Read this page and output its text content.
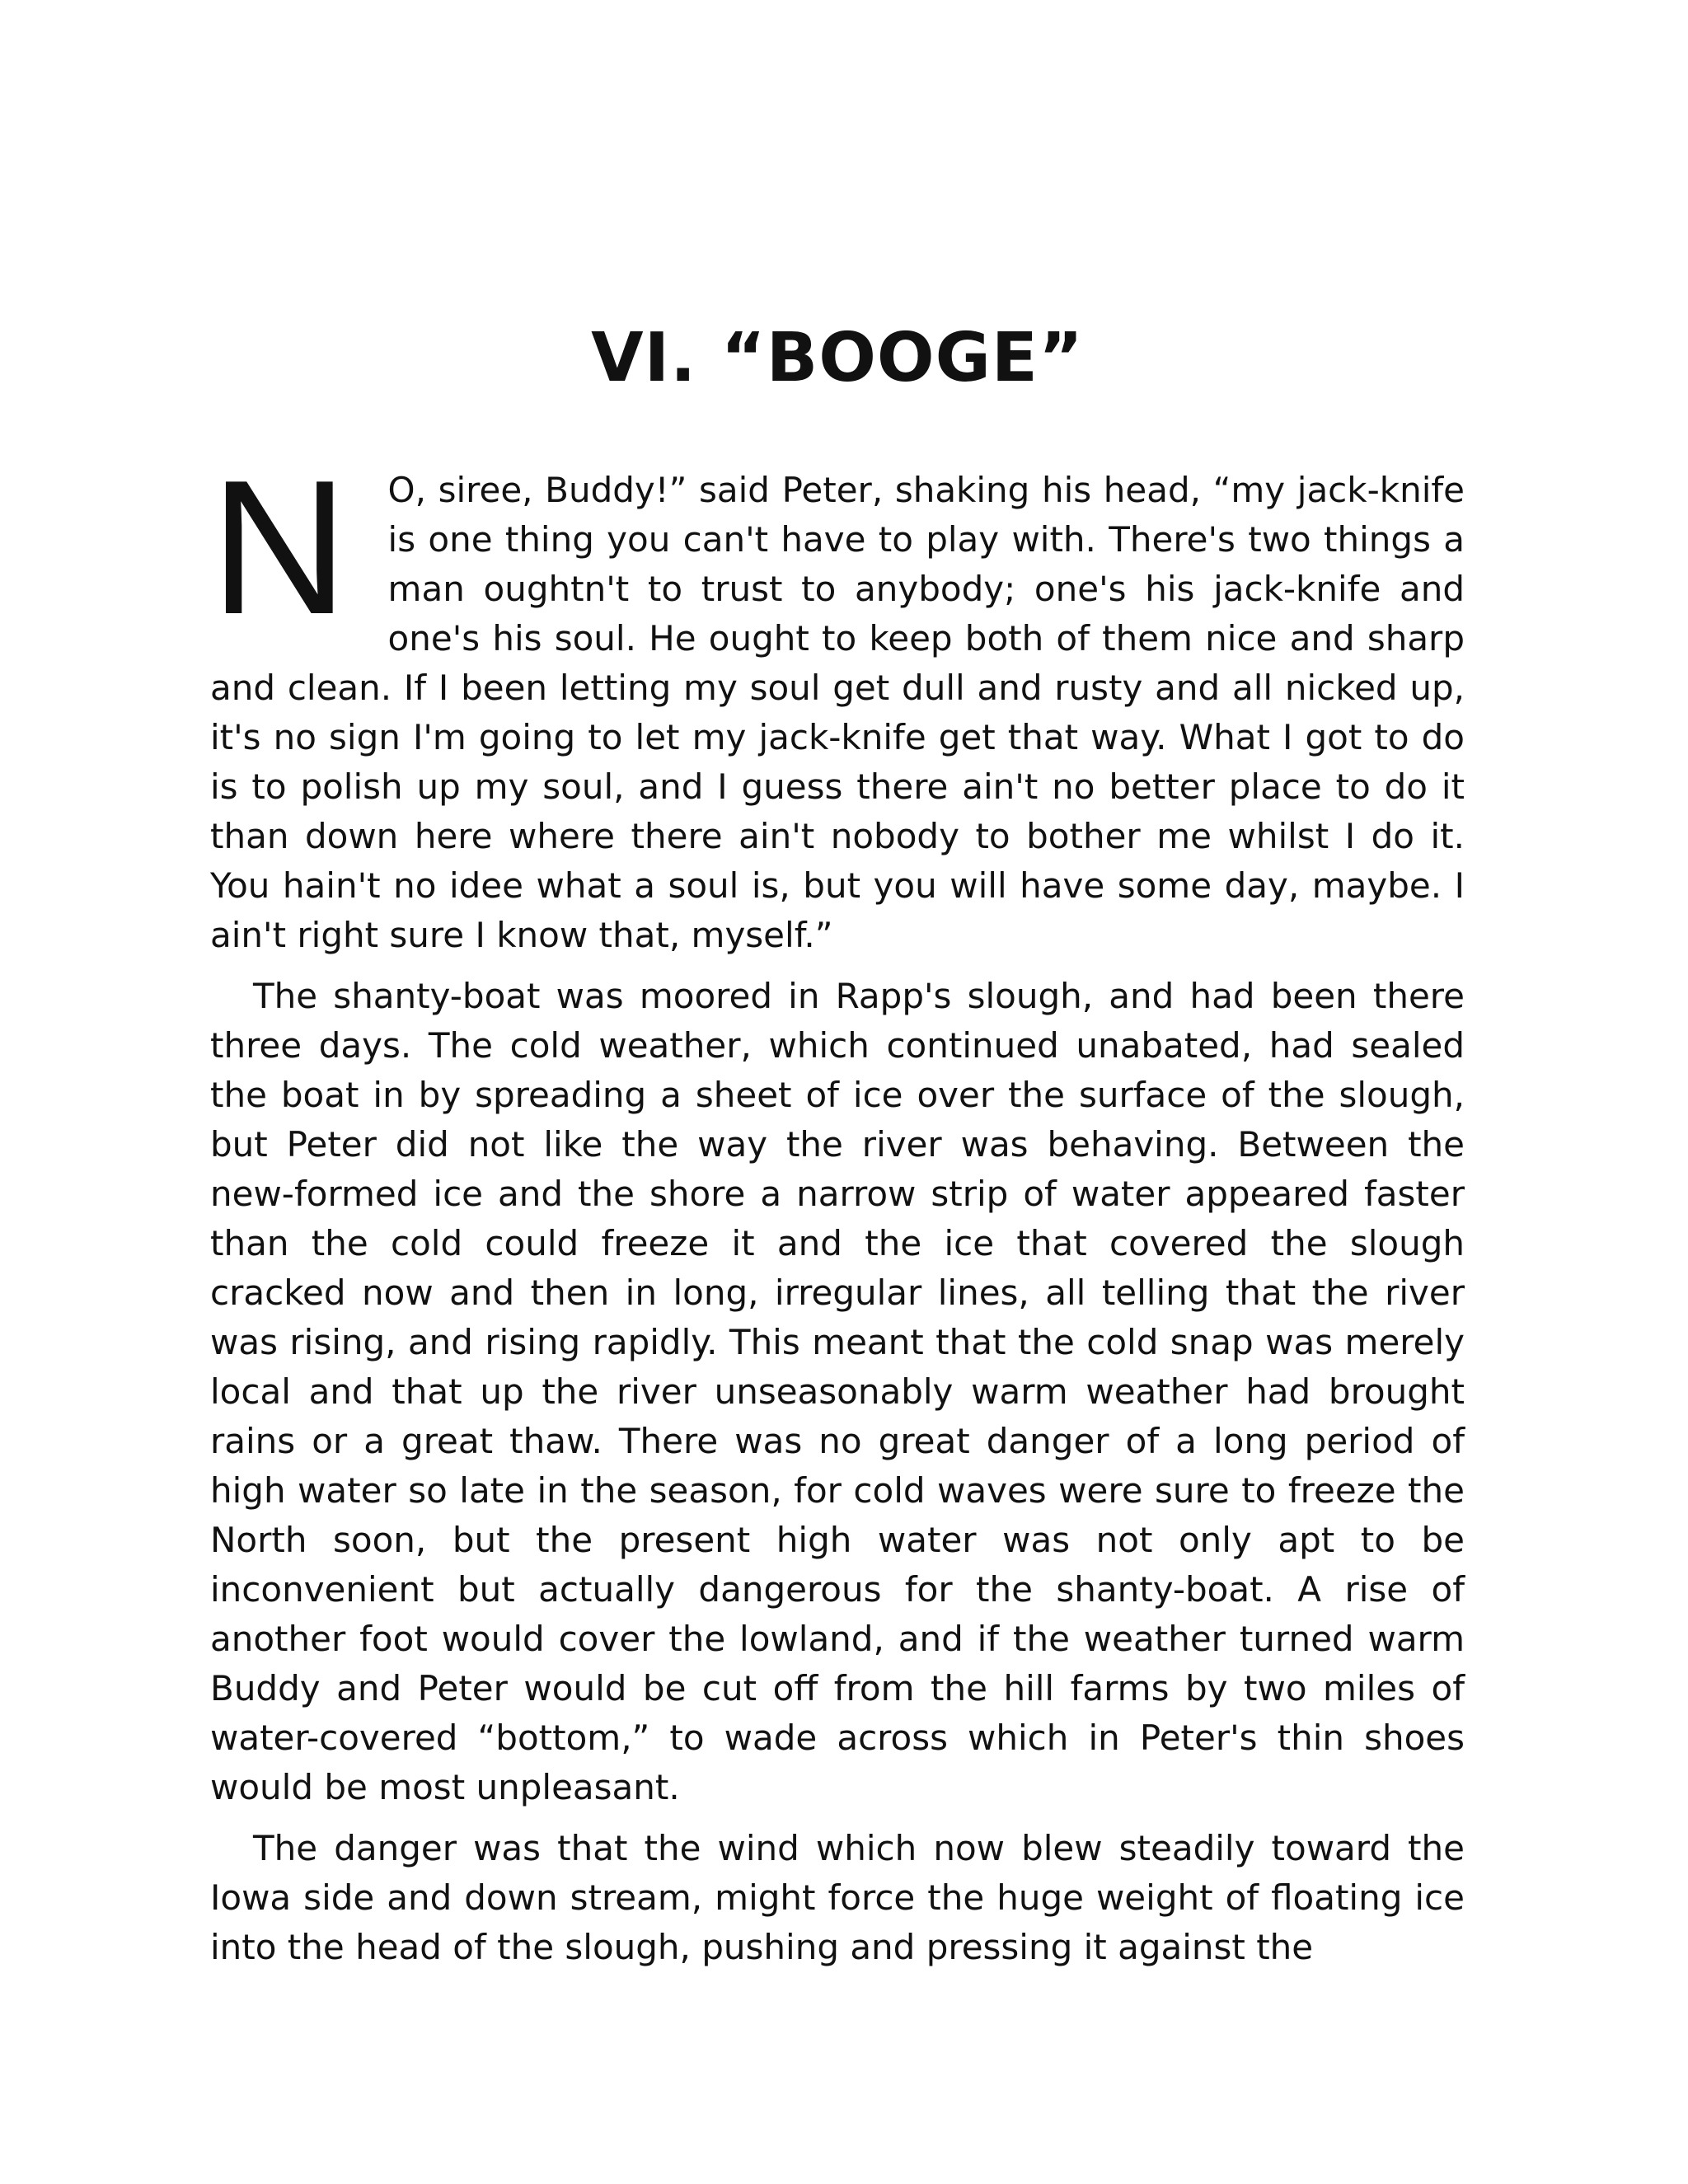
VI. “BOOGE”

N	O, siree, Buddy!” said Peter, shaking his head, “my jack-knife is one thing you can't have to play with. There's two things a man oughtn't to trust to anybody; one's his jack-knife and one's his soul. He ought to keep both of them nice and sharp and clean. If I been letting my soul get dull and rusty and all nicked up, it's no sign I'm going to let my jack-knife get that way. What I got to do is to polish up my soul, and I guess there ain't no better place to do it than down here where there ain't nobody to bother me whilst I do it. You hain't no idee what a soul is, but you will have some day, maybe. I ain't right sure I know that, myself.”

The shanty-boat was moored in Rapp's slough, and had been there three days. The cold weather, which continued unabated, had sealed the boat in by spreading a sheet of ice over the surface of the slough, but Peter did not like the way the river was behaving. Between the new-formed ice and the shore a narrow strip of water appeared faster than the cold could freeze it and the ice that covered the slough cracked now and then in long, irregular lines, all telling that the river was rising, and rising rapidly. This meant that the cold snap was merely local and that up the river unseasonably warm weather had brought rains or a great thaw. There was no great danger of a long period of high water so late in the season, for cold waves were sure to freeze the North soon, but the present high water was not only apt to be inconvenient but actually dangerous for the shanty-boat. A rise of another foot would cover the lowland, and if the weather turned warm Buddy and Peter would be cut off from the hill farms by two miles of water-covered “bottom,” to wade across which in Peter's thin shoes would be most unpleasant.

The danger was that the wind which now blew steadily toward the Iowa side and down stream, might force the huge weight of floating ice into the head of the slough, pushing and pressing it against the
